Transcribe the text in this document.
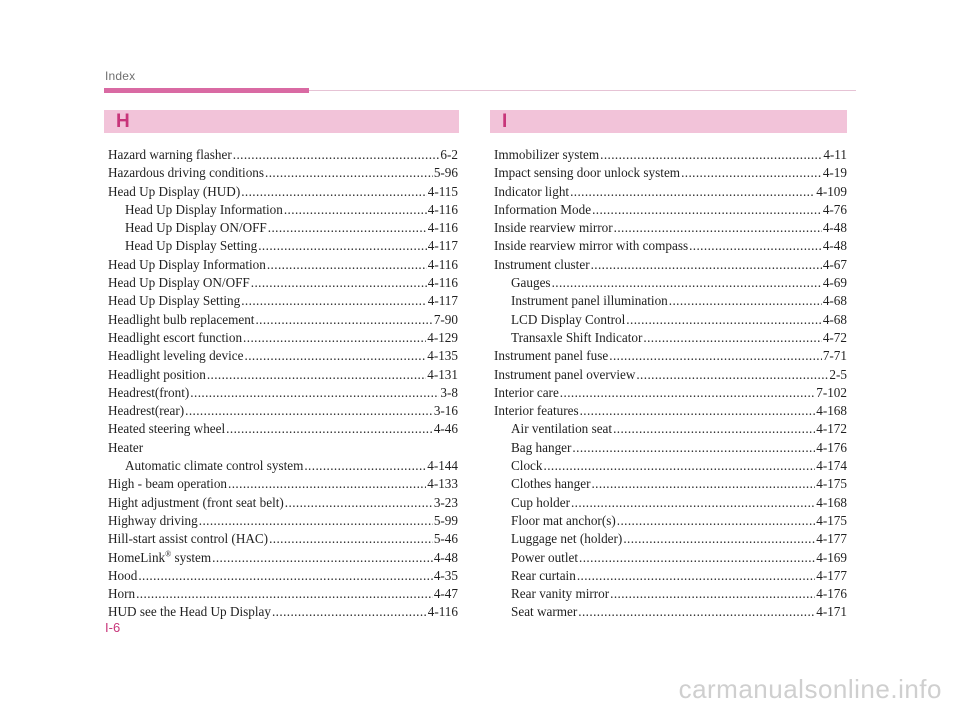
Index
H	I
Hazard warning flasher .....	6-2
Hazardous driving conditions .....	5-96
Head Up Display (HUD) .....	4-115
Head Up Display Information .....	4-116
Head Up Display ON/OFF .....	4-116
Head Up Display Setting .....	4-117
Head Up Display Information .....	4-116
Head Up Display ON/OFF .....	4-116
Head Up Display Setting .....	4-117
Headlight bulb replacement .....	7-90
Headlight escort function .....	4-129
Headlight leveling device .....	4-135
Headlight position .....	4-131
Headrest(front) .....	3-8
Headrest(rear) .....	3-16
Heated steering wheel .....	4-46
Heater
Automatic climate control system .....	4-144
High - beam operation .....	4-133
Hight adjustment (front seat belt) .....	3-23
Highway driving .....	5-99
Hill-start assist control (HAC) .....	5-46
HomeLink® system .....	4-48
Hood .....	4-35
Horn .....	4-47
HUD see the Head Up Display .....	4-116
Immobilizer system .....	4-11
Impact sensing door unlock system .....	4-19
Indicator light .....	4-109
Information Mode .....	4-76
Inside rearview mirror .....	4-48
Inside rearview mirror with compass .....	4-48
Instrument cluster .....	4-67
Gauges .....	4-69
Instrument panel illumination .....	4-68
LCD Display Control .....	4-68
Transaxle Shift Indicator .....	4-72
Instrument panel fuse .....	7-71
Instrument panel overview .....	2-5
Interior care .....	7-102
Interior features .....	4-168
Air ventilation seat .....	4-172
Bag hanger .....	4-176
Clock .....	4-174
Clothes hanger .....	4-175
Cup holder .....	4-168
Floor mat anchor(s) .....	4-175
Luggage net (holder) .....	4-177
Power outlet .....	4-169
Rear curtain .....	4-177
Rear vanity mirror .....	4-176
Seat warmer .....	4-171
I-6
carmanualsonline.info
